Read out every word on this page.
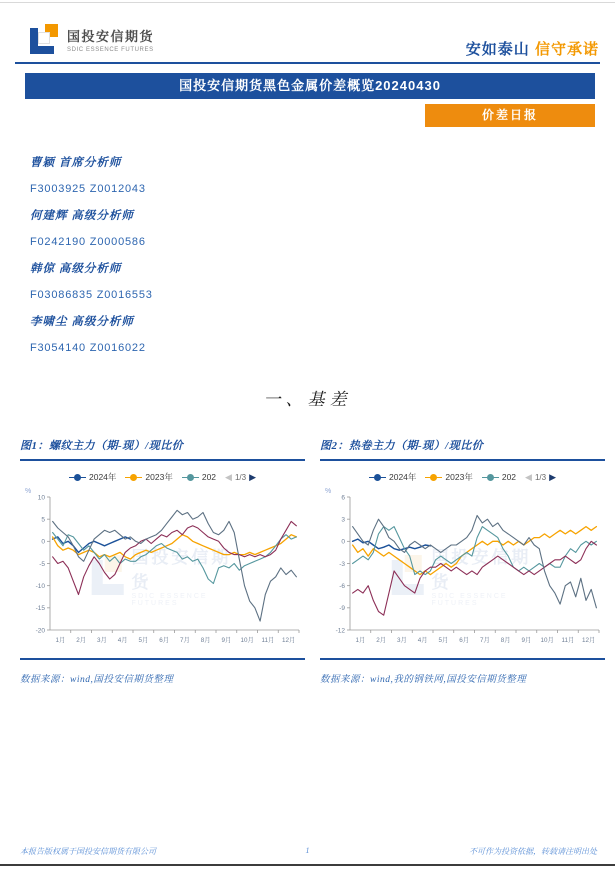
国投安信期货
SDIC ESSENCE FUTURES	安如泰山 信守承诺
国投安信期货黑色金属价差概览20240430
价差日报
曹颖 首席分析师
F3003925 Z0012043
何建辉 高级分析师
F0242190 Z0000586
韩倞 高级分析师
F03086835 Z0016553
李啸尘 高级分析师
F3054140 Z0016022
一、基差
图1：螺纹主力（期-现）/现比价
国投安信期货
SDIC ESSENCE FUTURES
2024年	2023年	202 ◀ 1/3 ▶
%
10
5
0
-5
-10
-15
-20
1月 2月 3月 4月 5月 6月 7月 8月 9月 10月 11月 12月
数据来源：wind,国投安信期货整理
图2：热卷主力（期-现）/现比价
国投安信期货
SDIC ESSENCE FUTURES
2024年	2023年	202 ◀ 1/3 ▶
%
6
3
0
-3
-6
-9
-12
1月 2月 3月 4月 5月 6月 7月 8月 9月 10月 11月 12月
数据来源：wind,我的钢铁网,国投安信期货整理
本报告版权属于国投安信期货有限公司	1	不可作为投资依据，转载请注明出处
